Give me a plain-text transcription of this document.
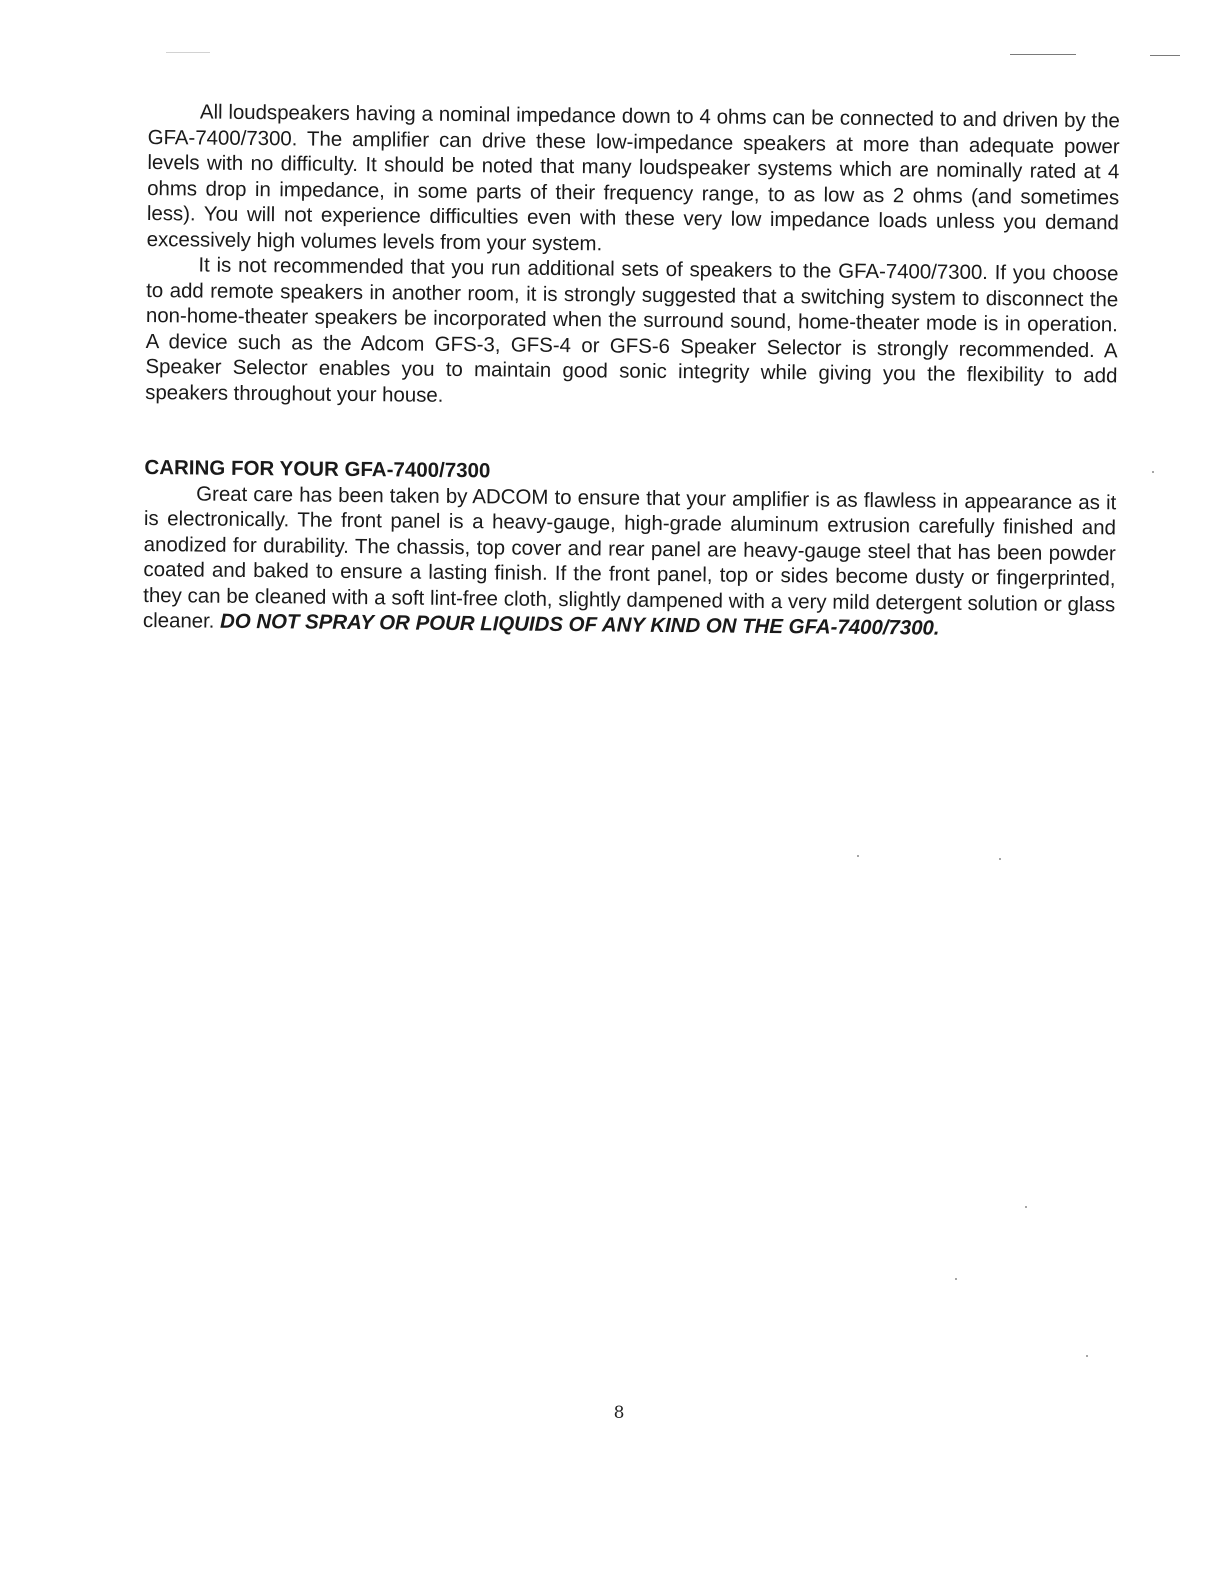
All loudspeakers having a nominal impedance down to 4 ohms can be connected to and driven by the GFA-7400/7300. The amplifier can drive these low-impedance speakers at more than adequate power levels with no difficulty. It should be noted that many loudspeaker systems which are nominally rated at 4 ohms drop in impedance, in some parts of their frequency range, to as low as 2 ohms (and sometimes less). You will not experience difficulties even with these very low impedance loads unless you demand excessively high volumes levels from your system.

It is not recommended that you run additional sets of speakers to the GFA-7400/7300. If you choose to add remote speakers in another room, it is strongly suggested that a switching system to disconnect the non-home-theater speakers be incorporated when the surround sound, home-theater mode is in operation. A device such as the Adcom GFS-3, GFS-4 or GFS-6 Speaker Selector is strongly recommended. A Speaker Selector enables you to maintain good sonic integrity while giving you the flexibility to add speakers throughout your house.

CARING FOR YOUR GFA-7400/7300

Great care has been taken by ADCOM to ensure that your amplifier is as flawless in appearance as it is electronically. The front panel is a heavy-gauge, high-grade aluminum extrusion carefully finished and anodized for durability. The chassis, top cover and rear panel are heavy-gauge steel that has been powder coated and baked to ensure a lasting finish. If the front panel, top or sides become dusty or fingerprinted, they can be cleaned with a soft lint-free cloth, slightly dampened with a very mild detergent solution or glass cleaner. DO NOT SPRAY OR POUR LIQUIDS OF ANY KIND ON THE GFA-7400/7300.

8
